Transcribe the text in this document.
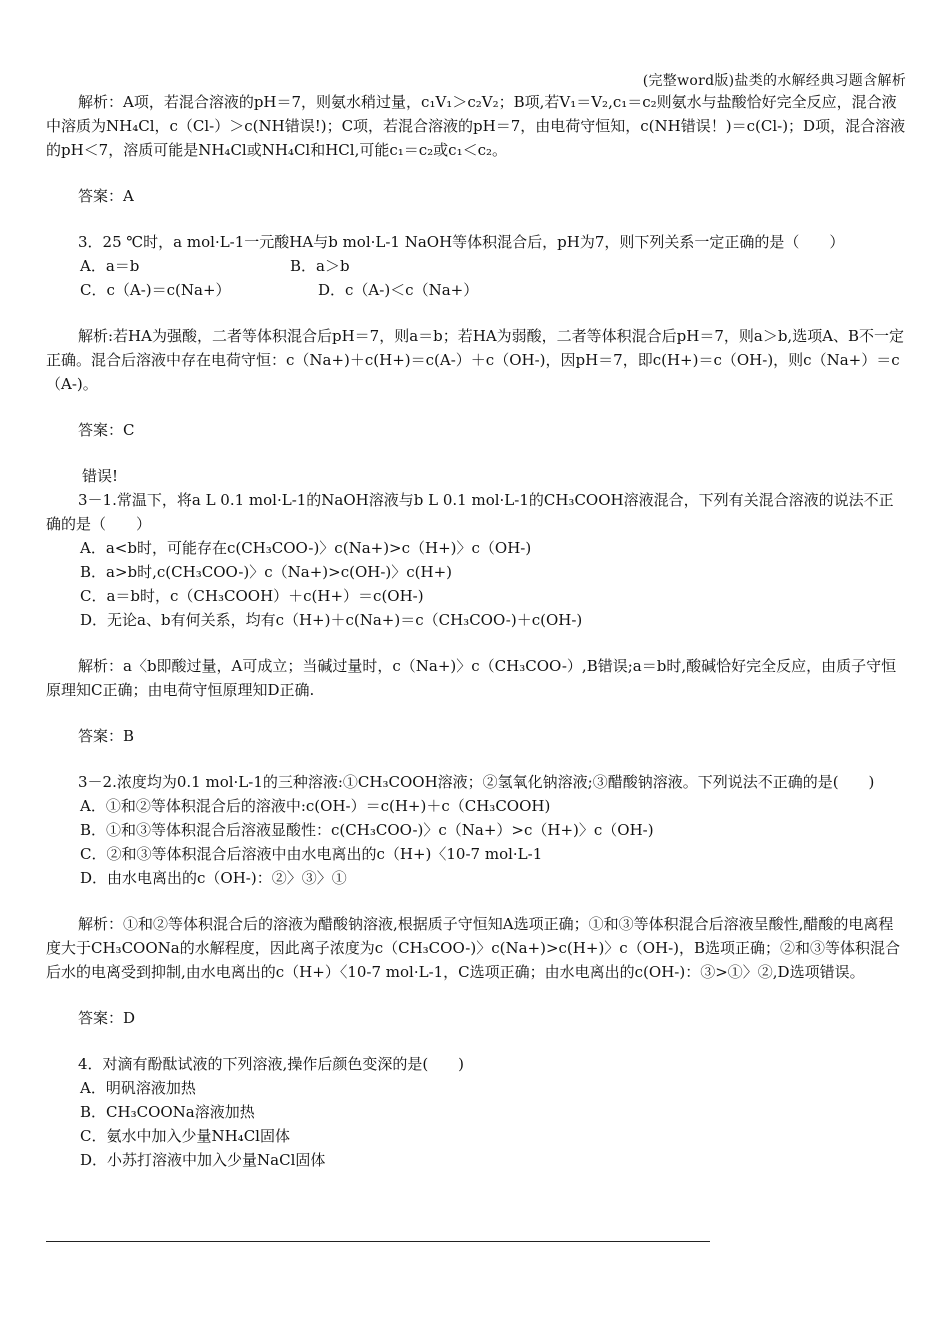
(完整word版)盐类的水解经典习题含解析

解析：A项，若混合溶液的pH＝7，则氨水稍过量，c₁V₁＞c₂V₂；B项,若V₁＝V₂,c₁＝c₂则氨水与盐酸恰好完全反应，混合液中溶质为NH₄Cl，c（Cl-）＞c(NH错误!)；C项，若混合溶液的pH＝7，由电荷守恒知，c(NH错误！)＝c(Cl-)；D项，混合溶液的pH＜7，溶质可能是NH₄Cl或NH₄Cl和HCl,可能c₁＝c₂或c₁＜c₂。

答案：A

3．25 ℃时，a mol·L-1一元酸HA与b mol·L-1 NaOH等体积混合后，pH为7，则下列关系一定正确的是（　　）

A．a＝b	B．a＞b
C．c（A-)＝c(Na+）	D．c（A-)＜c（Na+）

解析:若HA为强酸，二者等体积混合后pH＝7，则a＝b；若HA为弱酸，二者等体积混合后pH＝7，则a＞b,选项A、B不一定正确。混合后溶液中存在电荷守恒：c（Na+)＋c(H+)＝c(A-）＋c（OH-)，因pH＝7，即c(H+)＝c（OH-)，则c（Na+）＝c（A-)。

答案：C

错误!

3－1.常温下，将a L 0.1 mol·L-1的NaOH溶液与b L 0.1 mol·L-1的CH₃COOH溶液混合，下列有关混合溶液的说法不正确的是（　　）

A．a<b时，可能存在c(CH₃COO-)〉c(Na+)>c（H+)〉c（OH-)

B．a>b时,c(CH₃COO-)〉c（Na+)>c(OH-)〉c(H+)

C．a＝b时，c（CH₃COOH）＋c(H+）＝c(OH-)

D．无论a、b有何关系，均有c（H+)＋c(Na+)＝c（CH₃COO-)＋c(OH-)

解析：a〈b即酸过量，A可成立；当碱过量时，c（Na+)〉c（CH₃COO-）,B错误;a＝b时,酸碱恰好完全反应，由质子守恒原理知C正确；由电荷守恒原理知D正确.

答案：B

3－2.浓度均为0.1 mol·L-1的三种溶液:①CH₃COOH溶液；②氢氧化钠溶液;③醋酸钠溶液。下列说法不正确的是(　　)

A．①和②等体积混合后的溶液中:c(OH-）＝c(H+)＋c（CH₃COOH)

B．①和③等体积混合后溶液显酸性：c(CH₃COO-)〉c（Na+）>c（H+)〉c（OH-)

C．②和③等体积混合后溶液中由水电离出的c（H+)〈10-7 mol·L-1

D．由水电离出的c（OH-)：②〉③〉①

解析：①和②等体积混合后的溶液为醋酸钠溶液,根据质子守恒知A选项正确；①和③等体积混合后溶液呈酸性,醋酸的电离程度大于CH₃COONa的水解程度，因此离子浓度为c（CH₃COO-)〉c(Na+)>c(H+)〉c（OH-)，B选项正确；②和③等体积混合后水的电离受到抑制,由水电离出的c（H+）〈10-7 mol·L-1，C选项正确；由水电离出的c(OH-)：③>①〉②,D选项错误。

答案：D

4．对滴有酚酞试液的下列溶液,操作后颜色变深的是(　　)

A．明矾溶液加热

B．CH₃COONa溶液加热

C．氨水中加入少量NH₄Cl固体

D．小苏打溶液中加入少量NaCl固体
